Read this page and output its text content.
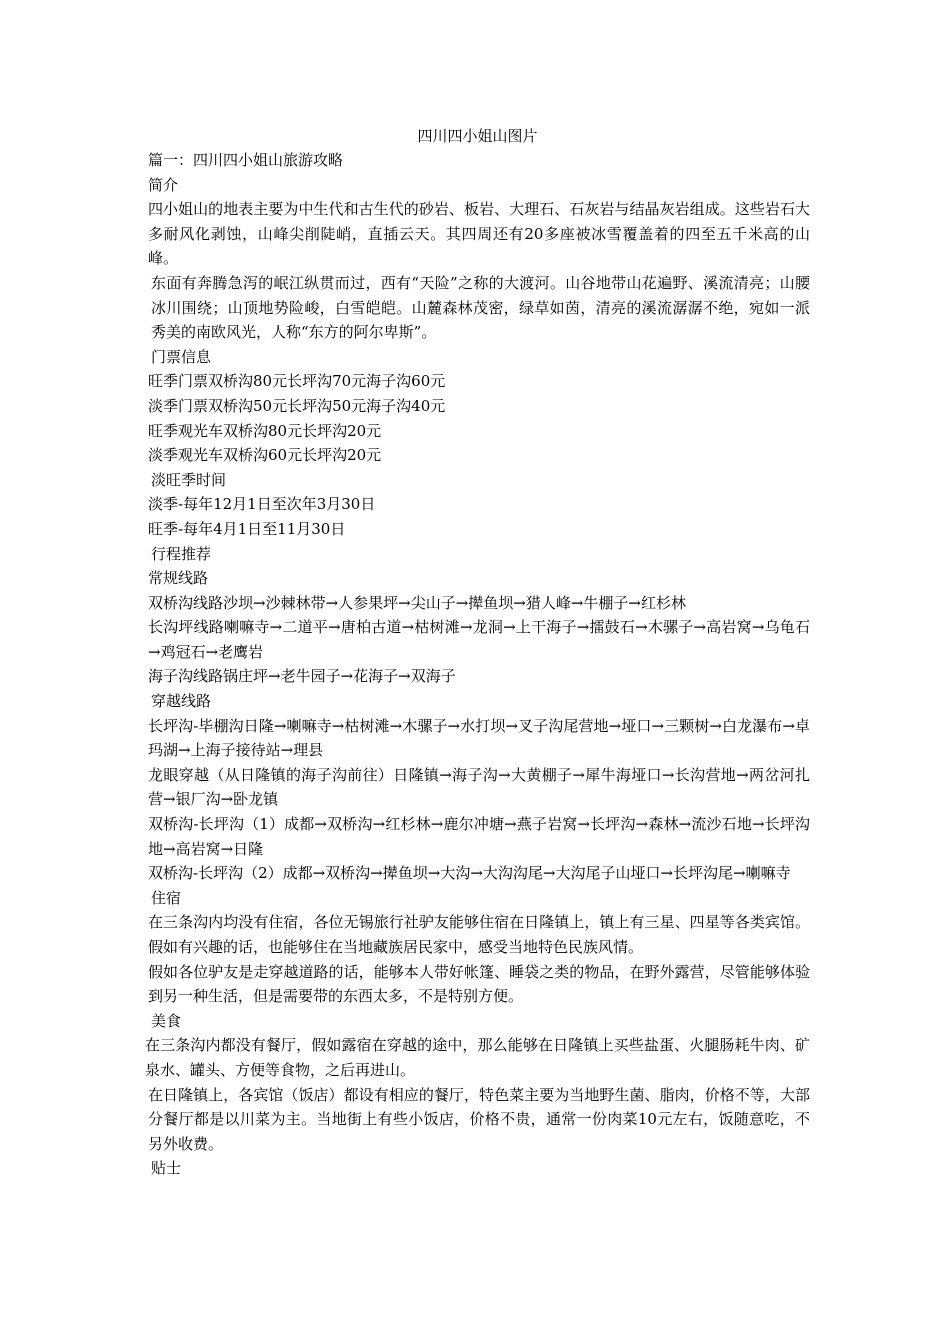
四川四小姐山图片

篇一：四川四小姐山旅游攻略

简介

四小姐山的地表主要为中生代和古生代的砂岩、板岩、大理石、石灰岩与结晶灰岩组成。这些岩石大多耐风化剥蚀，山峰尖削陡峭，直插云天。其四周还有20多座被冰雪覆盖着的四至五千米高的山峰。

东面有奔腾急泻的岷江纵贯而过，西有“天险”之称的大渡河。山谷地带山花遍野、溪流清亮；山腰冰川围绕；山顶地势险峻，白雪皑皑。山麓森林茂密，绿草如茵，清亮的溪流潺潺不绝，宛如一派秀美的南欧风光，人称“东方的阿尔卑斯”。

门票信息

旺季门票双桥沟80元长坪沟70元海子沟60元

淡季门票双桥沟50元长坪沟50元海子沟40元

旺季观光车双桥沟80元长坪沟20元

淡季观光车双桥沟60元长坪沟20元

淡旺季时间

淡季-每年12月1日至次年3月30日

旺季-每年4月1日至11月30日

行程推荐

常规线路

双桥沟线路沙坝→沙棘林带→人参果坪→尖山子→撵鱼坝→猎人峰→牛棚子→红杉林

长沟坪线路喇嘛寺→二道平→唐柏古道→枯树滩→龙洞→上干海子→擂鼓石→木骡子→高岩窝→乌龟石→鸡冠石→老鹰岩

海子沟线路锅庄坪→老牛园子→花海子→双海子

穿越线路

长坪沟-毕棚沟日隆→喇嘛寺→枯树滩→木骡子→水打坝→叉子沟尾营地→垭口→三颗树→白龙瀑布→卓玛湖→上海子接待站→理县

龙眼穿越（从日隆镇的海子沟前往）日隆镇→海子沟→大黄棚子→犀牛海垭口→长沟营地→两岔河扎营→银厂沟→卧龙镇

双桥沟-长坪沟（1）成都→双桥沟→红杉林→鹿尔冲塘→燕子岩窝→长坪沟→森林→流沙石地→长坪沟地→高岩窝→日隆

双桥沟-长坪沟（2）成都→双桥沟→撵鱼坝→大沟→大沟沟尾→大沟尾子山垭口→长坪沟尾→喇嘛寺

住宿

在三条沟内均没有住宿，各位无锡旅行社驴友能够住宿在日隆镇上，镇上有三星、四星等各类宾馆。假如有兴趣的话，也能够住在当地藏族居民家中，感受当地特色民族风情。

假如各位驴友是走穿越道路的话，能够本人带好帐篷、睡袋之类的物品，在野外露营，尽管能够体验到另一种生活，但是需要带的东西太多，不是特别方便。

美食

在三条沟内都没有餐厅，假如露宿在穿越的途中，那么能够在日隆镇上买些盐蛋、火腿肠耗牛肉、矿泉水、罐头、方便等食物，之后再进山。

在日隆镇上，各宾馆（饭店）都设有相应的餐厅，特色菜主要为当地野生菌、脂肉，价格不等，大部分餐厅都是以川菜为主。当地街上有些小饭店，价格不贵，通常一份肉菜10元左右，饭随意吃，不另外收费。

贴士
